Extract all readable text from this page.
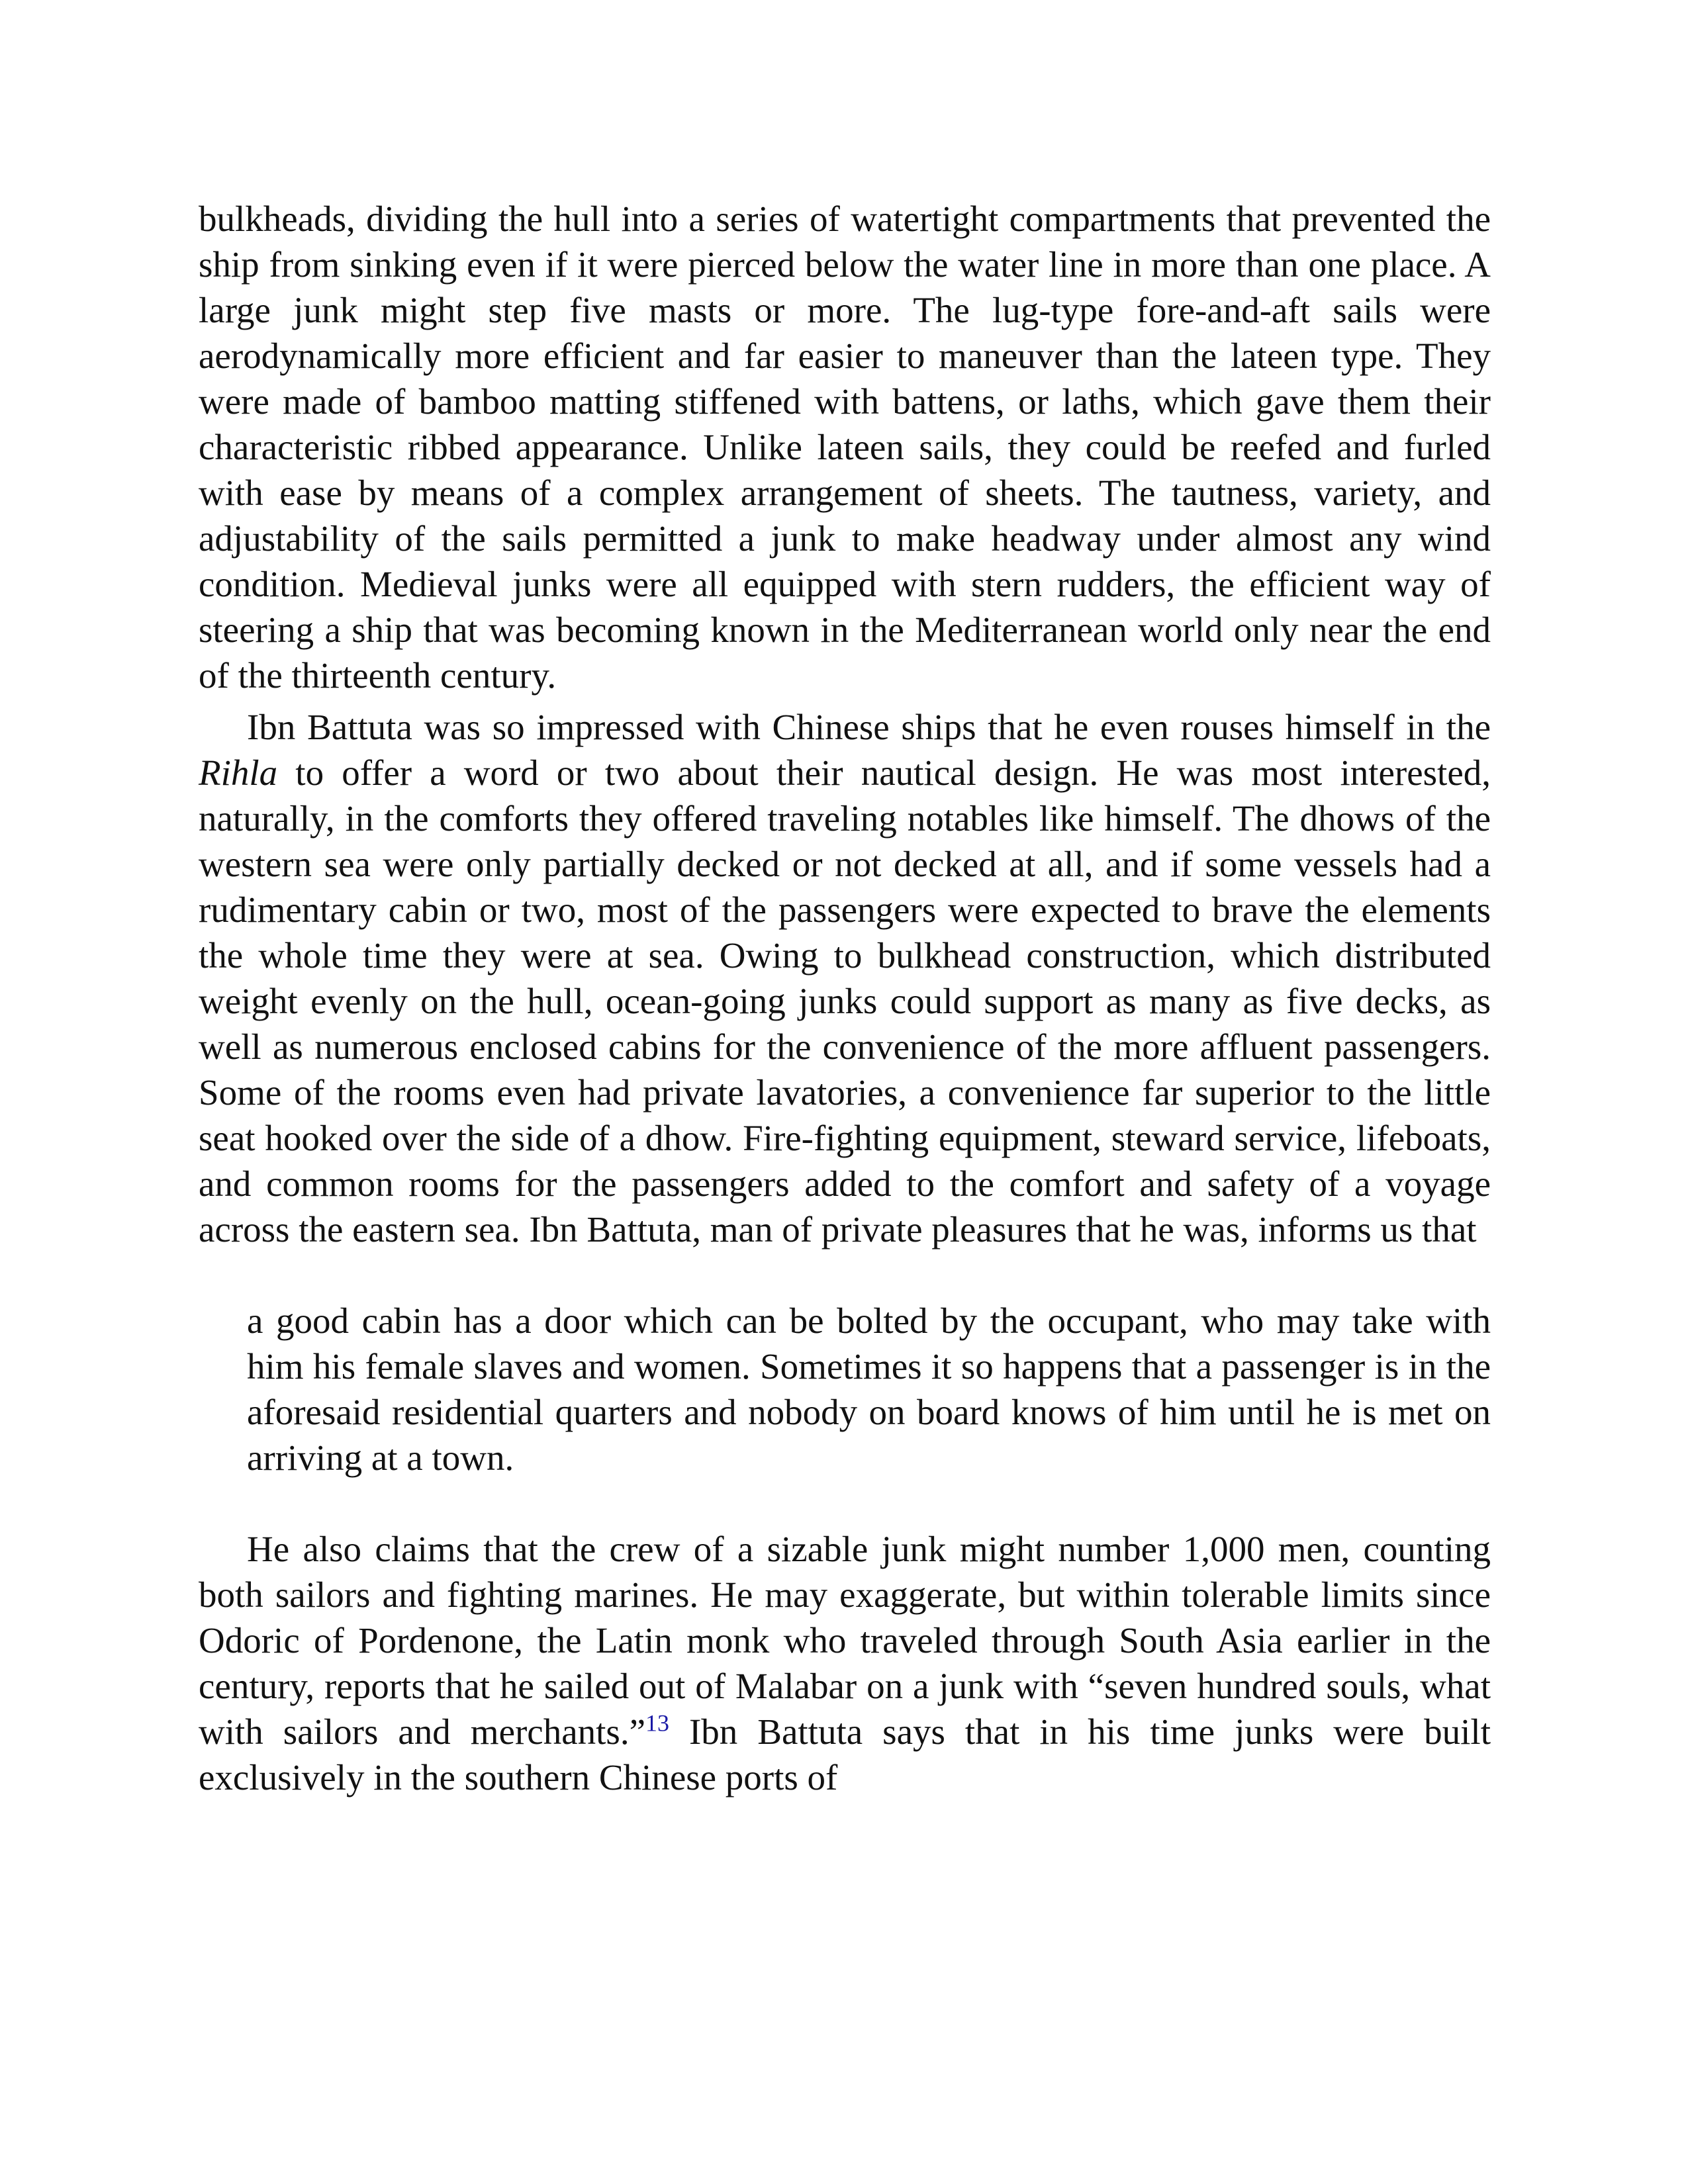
bulkheads, dividing the hull into a series of watertight compartments that prevented the ship from sinking even if it were pierced below the water line in more than one place. A large junk might step five masts or more. The lug-type fore-and-aft sails were aerodynamically more efficient and far easier to maneuver than the lateen type. They were made of bamboo matting stiffened with battens, or laths, which gave them their characteristic ribbed appearance. Unlike lateen sails, they could be reefed and furled with ease by means of a complex arrangement of sheets. The tautness, variety, and adjustability of the sails permitted a junk to make headway under almost any wind condition. Medieval junks were all equipped with stern rudders, the efficient way of steering a ship that was becoming known in the Mediterranean world only near the end of the thirteenth century.

Ibn Battuta was so impressed with Chinese ships that he even rouses himself in the Rihla to offer a word or two about their nautical design. He was most interested, naturally, in the comforts they offered traveling notables like himself. The dhows of the western sea were only partially decked or not decked at all, and if some vessels had a rudimentary cabin or two, most of the passengers were expected to brave the elements the whole time they were at sea. Owing to bulkhead construction, which distributed weight evenly on the hull, ocean-going junks could support as many as five decks, as well as numerous enclosed cabins for the convenience of the more affluent passengers. Some of the rooms even had private lavatories, a convenience far superior to the little seat hooked over the side of a dhow. Fire-fighting equipment, steward service, lifeboats, and common rooms for the passengers added to the comfort and safety of a voyage across the eastern sea. Ibn Battuta, man of private pleasures that he was, informs us that

a good cabin has a door which can be bolted by the occupant, who may take with him his female slaves and women. Sometimes it so happens that a passenger is in the aforesaid residential quarters and nobody on board knows of him until he is met on arriving at a town.

He also claims that the crew of a sizable junk might number 1,000 men, counting both sailors and fighting marines. He may exaggerate, but within tolerable limits since Odoric of Pordenone, the Latin monk who traveled through South Asia earlier in the century, reports that he sailed out of Malabar on a junk with “seven hundred souls, what with sailors and merchants.”$^{13}$ Ibn Battuta says that in his time junks were built exclusively in the southern Chinese ports of
